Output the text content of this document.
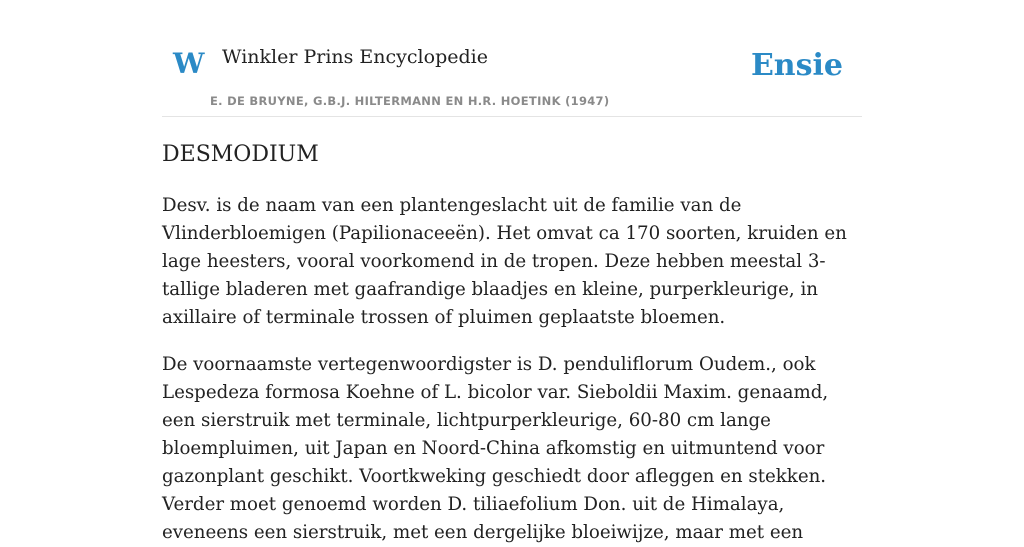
W Winkler Prins Encyclopedie
E. DE BRUYNE, G.B.J. HILTERMANN EN H.R. HOETINK (1947)
Ensie
DESMODIUM

Desv. is de naam van een plantengeslacht uit de familie van de Vlinderbloemigen (Papilionaceeën). Het omvat ca 170 soorten, kruiden en lage heesters, vooral voorkomend in de tropen. Deze hebben meestal 3-tallige bladeren met gaafrandige blaadjes en kleine, purperkleurige, in axillaire of terminale trossen of pluimen geplaatste bloemen.

De voornaamste vertegenwoordigster is D. penduliflorum Oudem., ook Lespedeza formosa Koehne of L. bicolor var. Sieboldii Maxim. genaamd, een sierstruik met terminale, lichtpurperkleurige, 60-80 cm lange bloempluimen, uit Japan en Noord-China afkomstig en uitmuntend voor gazonplant geschikt. Voortkweking geschiedt door afleggen en stekken. Verder moet genoemd worden D. tiliaefolium Don. uit de Himalaya, eveneens een sierstruik, met een dergelijke bloeiwijze, maar met een
